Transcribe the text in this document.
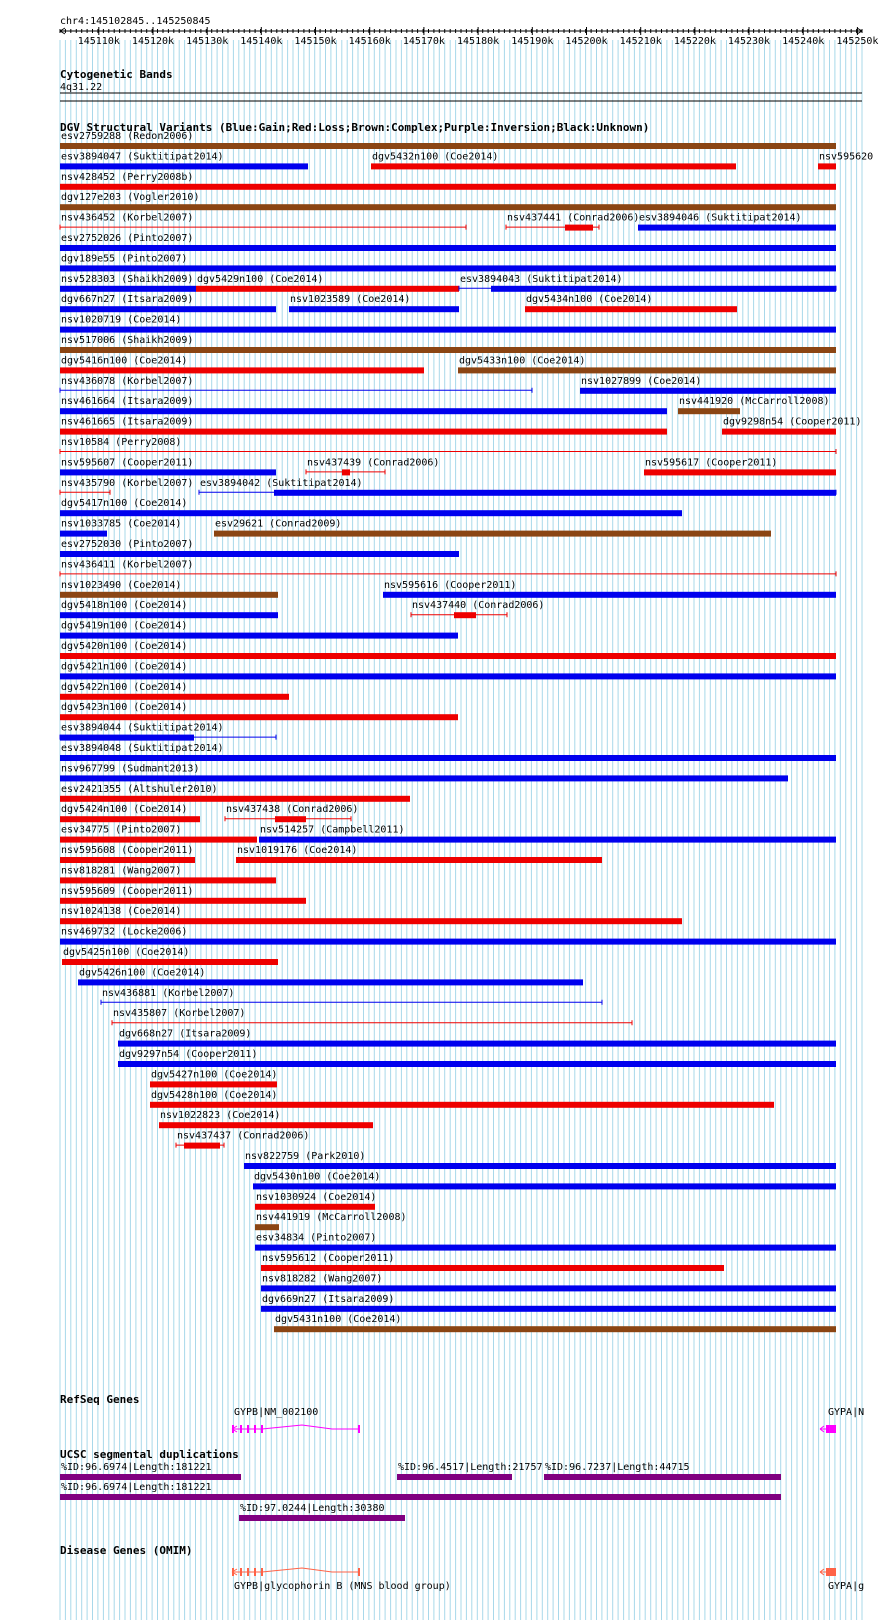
chr4:145102845..145250845
145110k 145120k 145130k 145140k 145150k 145160k 145170k 145180k 145190k 145200k 145210k 145220k 145230k 145240k 145250k
Cytogenetic Bands
4q31.22
DGV Structural Variants (Blue:Gain;Red:Loss;Brown:Complex;Purple:Inversion;Black:Unknown)
esv2759288 (Redon2006)
esv3894047 (Suktitipat2014)	dgv5432n100 (Coe2014)	nsv595620
nsv428452 (Perry2008b)
dgv127e203 (Vogler2010)
nsv436452 (Korbel2007)	nsv437441 (Conrad2006) esv3894046 (Suktitipat2014)
esv2752026 (Pinto2007)
dgv189e55 (Pinto2007)
nsv528303 (Shaikh2009) dgv5429n100 (Coe2014)	esv3894043 (Suktitipat2014)
dgv667n27 (Itsara2009)	nsv1023589 (Coe2014)	dgv5434n100 (Coe2014)
nsv1020719 (Coe2014)
nsv517006 (Shaikh2009)
dgv5416n100 (Coe2014)	dgv5433n100 (Coe2014)
nsv436078 (Korbel2007)	nsv1027899 (Coe2014)
nsv461664 (Itsara2009)	nsv441920 (McCarroll2008)
nsv461665 (Itsara2009)	dgv9298n54 (Cooper2011)
nsv10584 (Perry2008)
nsv595607 (Cooper2011)	nsv437439 (Conrad2006)	nsv595617 (Cooper2011)
nsv435790 (Korbel2007) esv3894042 (Suktitipat2014)
dgv5417n100 (Coe2014)
nsv1033785 (Coe2014)	esv29621 (Conrad2009)
esv2752030 (Pinto2007)
nsv436411 (Korbel2007)
nsv1023490 (Coe2014)	nsv595616 (Cooper2011)
dgv5418n100 (Coe2014)	nsv437440 (Conrad2006)
dgv5419n100 (Coe2014)
dgv5420n100 (Coe2014)
dgv5421n100 (Coe2014)
dgv5422n100 (Coe2014)
dgv5423n100 (Coe2014)
esv3894044 (Suktitipat2014)
esv3894048 (Suktitipat2014)
nsv967799 (Sudmant2013)
esv2421355 (Altshuler2010)
dgv5424n100 (Coe2014)	nsv437438 (Conrad2006)
esv34775 (Pinto2007)	nsv514257 (Campbell2011)
nsv595608 (Cooper2011)	nsv1019176 (Coe2014)
nsv818281 (Wang2007)
nsv595609 (Cooper2011)
nsv1024138 (Coe2014)
nsv469732 (Locke2006)
dgv5425n100 (Coe2014)
dgv5426n100 (Coe2014)
nsv436881 (Korbel2007)
nsv435807 (Korbel2007)
dgv668n27 (Itsara2009)
dgv9297n54 (Cooper2011)
dgv5427n100 (Coe2014)
dgv5428n100 (Coe2014)
nsv1022823 (Coe2014)
nsv437437 (Conrad2006)
nsv822759 (Park2010)
dgv5430n100 (Coe2014)
nsv1030924 (Coe2014)
nsv441919 (McCarroll2008)
esv34834 (Pinto2007)
nsv595612 (Cooper2011)
nsv818282 (Wang2007)
dgv669n27 (Itsara2009)
dgv5431n100 (Coe2014)
RefSeq Genes
GYPB|NM_002100	GYPA|N
UCSC segmental duplications
%ID:96.6974|Length:181221	%ID:96.4517|Length:21757 %ID:96.7237|Length:44715
%ID:96.6974|Length:181221
%ID:97.0244|Length:30380
Disease Genes (OMIM)
GYPB|glycophorin B (MNS blood group)	GYPA|g
